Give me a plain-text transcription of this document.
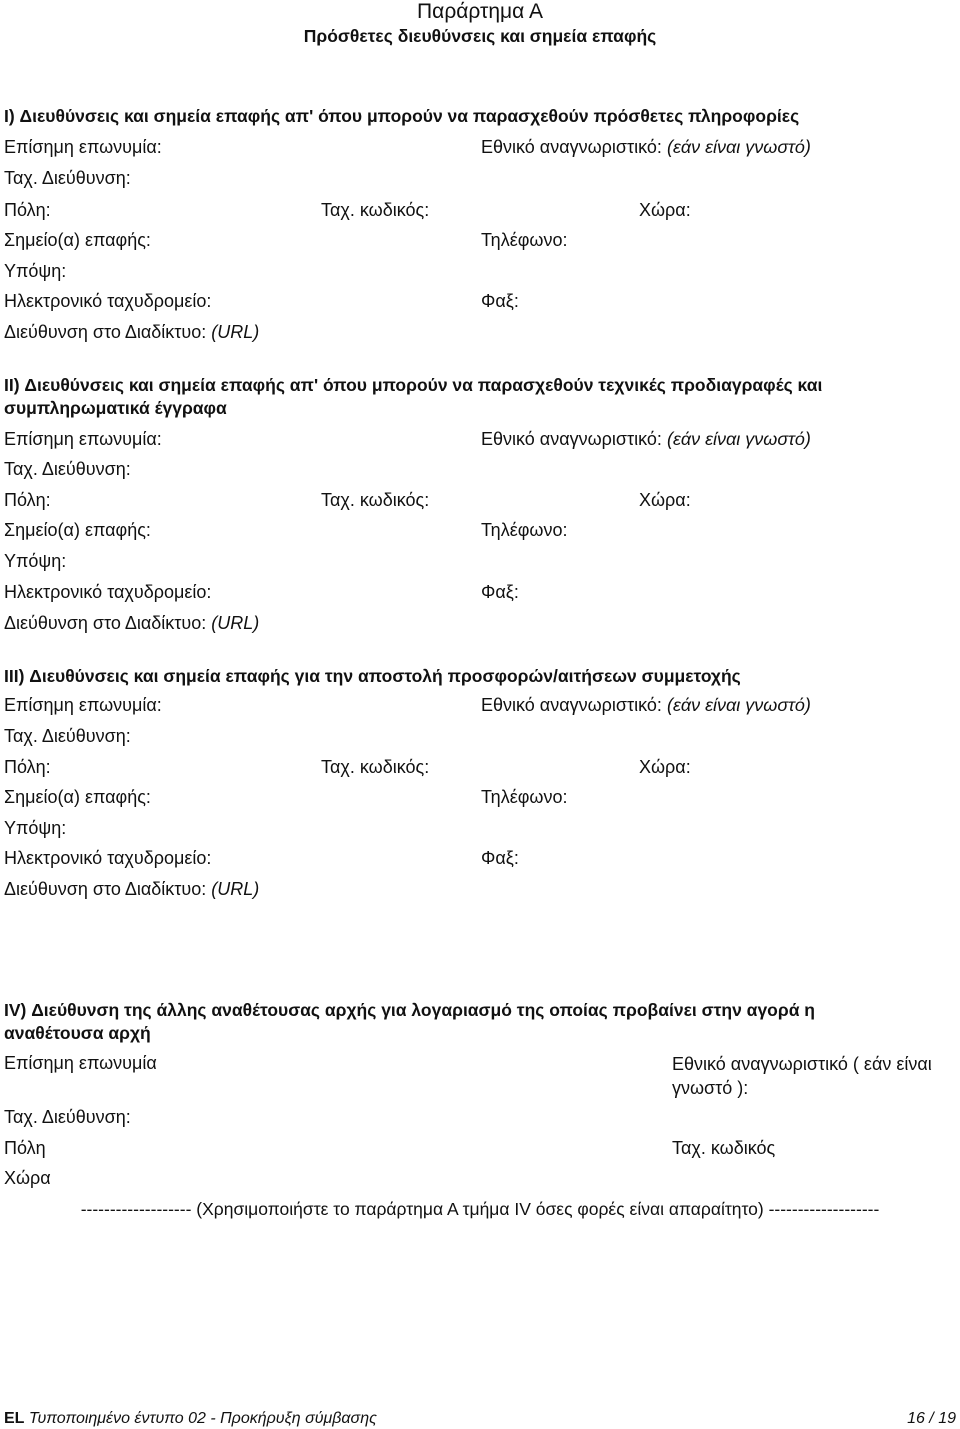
Παράρτημα Α
Πρόσθετες διευθύνσεις και σημεία επαφής
I) Διευθύνσεις και σημεία επαφής απ' όπου μπορούν να παρασχεθούν πρόσθετες πληροφορίες
Επίσημη επωνυμία:	Εθνικό αναγνωριστικό: (εάν είναι γνωστό)
Ταχ. Διεύθυνση:
Πόλη:	Ταχ. κωδικός:	Χώρα:
Σημείο(α) επαφής:	Τηλέφωνο:
Υπόψη:
Ηλεκτρονικό ταχυδρομείο:	Φαξ:
Διεύθυνση στο Διαδίκτυο: (URL)
II) Διευθύνσεις και σημεία επαφής απ' όπου μπορούν να παρασχεθούν τεχνικές προδιαγραφές και
συμπληρωματικά έγγραφα
Επίσημη επωνυμία:	Εθνικό αναγνωριστικό: (εάν είναι γνωστό)
Ταχ. Διεύθυνση:
Πόλη:	Ταχ. κωδικός:	Χώρα:
Σημείο(α) επαφής:	Τηλέφωνο:
Υπόψη:
Ηλεκτρονικό ταχυδρομείο:	Φαξ:
Διεύθυνση στο Διαδίκτυο: (URL)
III) Διευθύνσεις και σημεία επαφής για την αποστολή προσφορών/αιτήσεων συμμετοχής
Επίσημη επωνυμία:	Εθνικό αναγνωριστικό: (εάν είναι γνωστό)
Ταχ. Διεύθυνση:
Πόλη:	Ταχ. κωδικός:	Χώρα:
Σημείο(α) επαφής:	Τηλέφωνο:
Υπόψη:
Ηλεκτρονικό ταχυδρομείο:	Φαξ:
Διεύθυνση στο Διαδίκτυο: (URL)
IV) Διεύθυνση της άλλης αναθέτουσας αρχής για λογαριασμό της οποίας προβαίνει στην αγορά η
αναθέτουσα αρχή
Επίσημη επωνυμία	Εθνικό αναγνωριστικό ( εάν είναι γνωστό ):
Ταχ. Διεύθυνση:
Πόλη	Ταχ. κωδικός
Χώρα
------------------- (Χρησιμοποιήστε το παράρτημα Α τμήμα IV όσες φορές είναι απαραίτητο) -------------------
EL Τυποποιημένο έντυπο 02 - Προκήρυξη σύμβασης	16 / 19
